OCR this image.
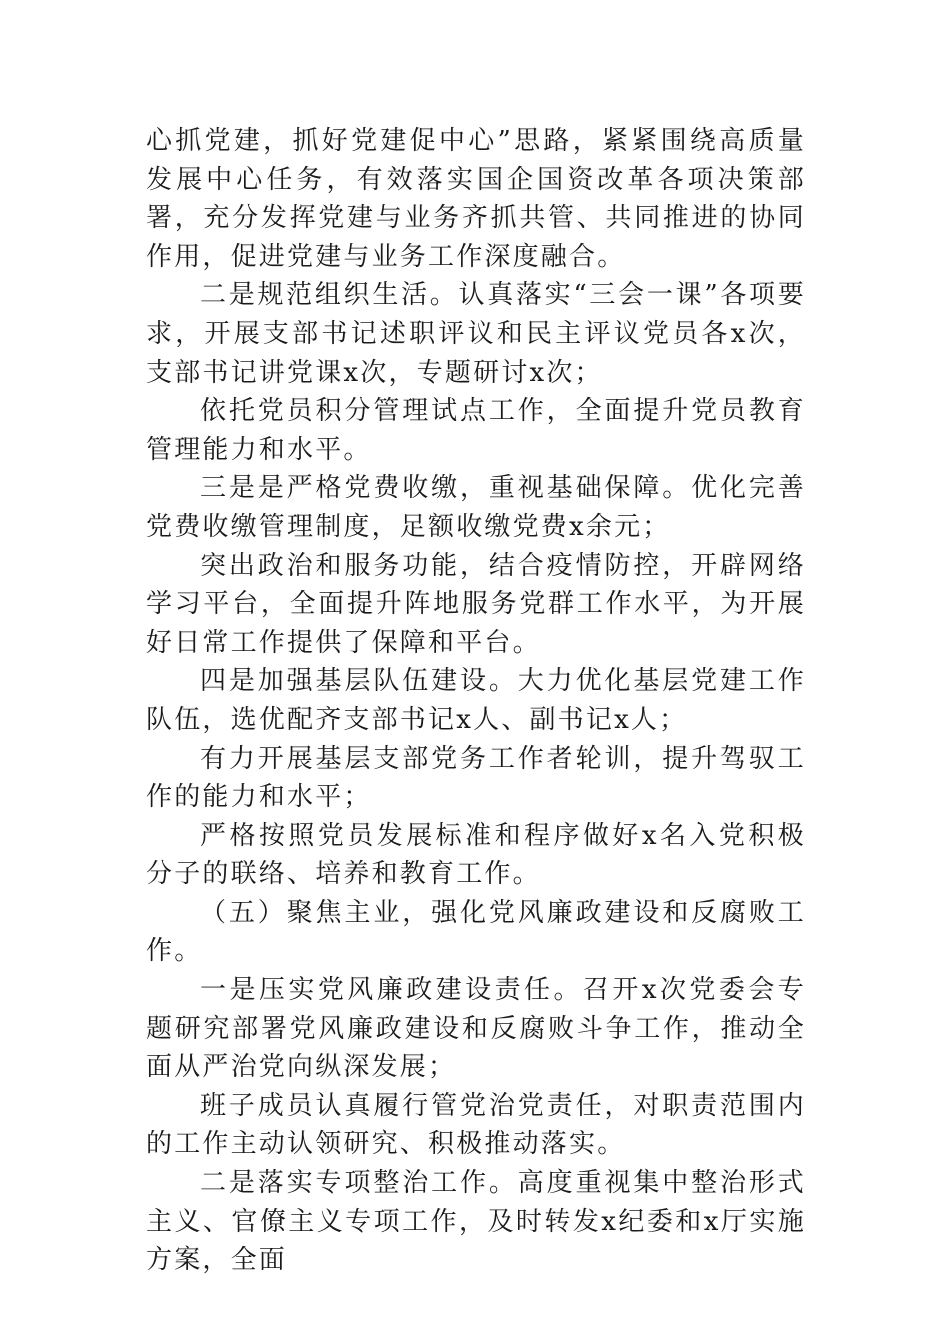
心抓党建，抓好党建促中心”思路，紧紧围绕高质量发展中心任务，有效落实国企国资改革各项决策部署，充分发挥党建与业务齐抓共管、共同推进的协同作用，促进党建与业务工作深度融合。

二是规范组织生活。认真落实“三会一课”各项要求，开展支部书记述职评议和民主评议党员各x次，支部书记讲党课x次，专题研讨x次；

依托党员积分管理试点工作，全面提升党员教育管理能力和水平。

三是是严格党费收缴，重视基础保障。优化完善党费收缴管理制度，足额收缴党费x余元；

突出政治和服务功能，结合疫情防控，开辟网络学习平台，全面提升阵地服务党群工作水平，为开展好日常工作提供了保障和平台。

四是加强基层队伍建设。大力优化基层党建工作队伍，选优配齐支部书记x人、副书记x人；

有力开展基层支部党务工作者轮训，提升驾驭工作的能力和水平；

严格按照党员发展标准和程序做好x名入党积极分子的联络、培养和教育工作。

（五）聚焦主业，强化党风廉政建设和反腐败工作。

一是压实党风廉政建设责任。召开x次党委会专题研究部署党风廉政建设和反腐败斗争工作，推动全面从严治党向纵深发展；

班子成员认真履行管党治党责任，对职责范围内的工作主动认领研究、积极推动落实。

二是落实专项整治工作。高度重视集中整治形式主义、官僚主义专项工作，及时转发x纪委和x厅实施方案，全面
